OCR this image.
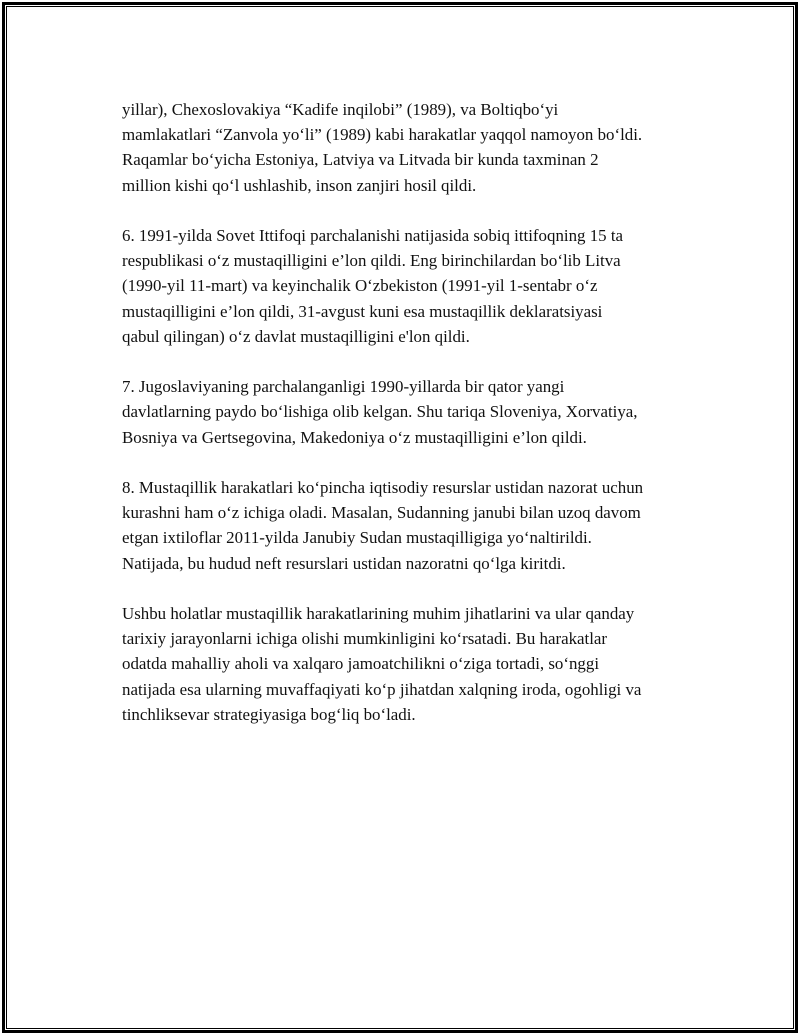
yillar), Chexoslovakiya “Kadife inqilobi” (1989), va Boltiqbo‘yi
mamlakatlari “Zanvola yo‘li” (1989) kabi harakatlar yaqqol namoyon bo‘ldi.
Raqamlar bo‘yicha Estoniya, Latviya va Litvada bir kunda taxminan 2
million kishi qo‘l ushlashib, inson zanjiri hosil qildi.

6. 1991-yilda Sovet Ittifoqi parchalanishi natijasida sobiq ittifoqning 15 ta
respublikasi o‘z mustaqilligini e’lon qildi. Eng birinchilardan bo‘lib Litva
(1990-yil 11-mart) va keyinchalik O‘zbekiston (1991-yil 1-sentabr o‘z
mustaqilligini e’lon qildi, 31-avgust kuni esa mustaqillik deklaratsiyasi
qabul qilingan) o‘z davlat mustaqilligini e'lon qildi.

7. Jugoslaviyaning parchalanganligi 1990-yillarda bir qator yangi
davlatlarning paydo bo‘lishiga olib kelgan. Shu tariqa Sloveniya, Xorvatiya,
Bosniya va Gertsegovina, Makedoniya o‘z mustaqilligini e’lon qildi.

8. Mustaqillik harakatlari ko‘pincha iqtisodiy resurslar ustidan nazorat uchun
kurashni ham o‘z ichiga oladi. Masalan, Sudanning janubi bilan uzoq davom
etgan ixtiloflar 2011-yilda Janubiy Sudan mustaqilligiga yo‘naltirildi.
Natijada, bu hudud neft resurslari ustidan nazoratni qo‘lga kiritdi.

Ushbu holatlar mustaqillik harakatlarining muhim jihatlarini va ular qanday
tarixiy jarayonlarni ichiga olishi mumkinligini ko‘rsatadi. Bu harakatlar
odatda mahalliy aholi va xalqaro jamoatchilikni o‘ziga tortadi, so‘nggi
natijada esa ularning muvaffaqiyati ko‘p jihatdan xalqning iroda, ogohligi va
tinchliksevar strategiyasiga bog‘liq bo‘ladi.
